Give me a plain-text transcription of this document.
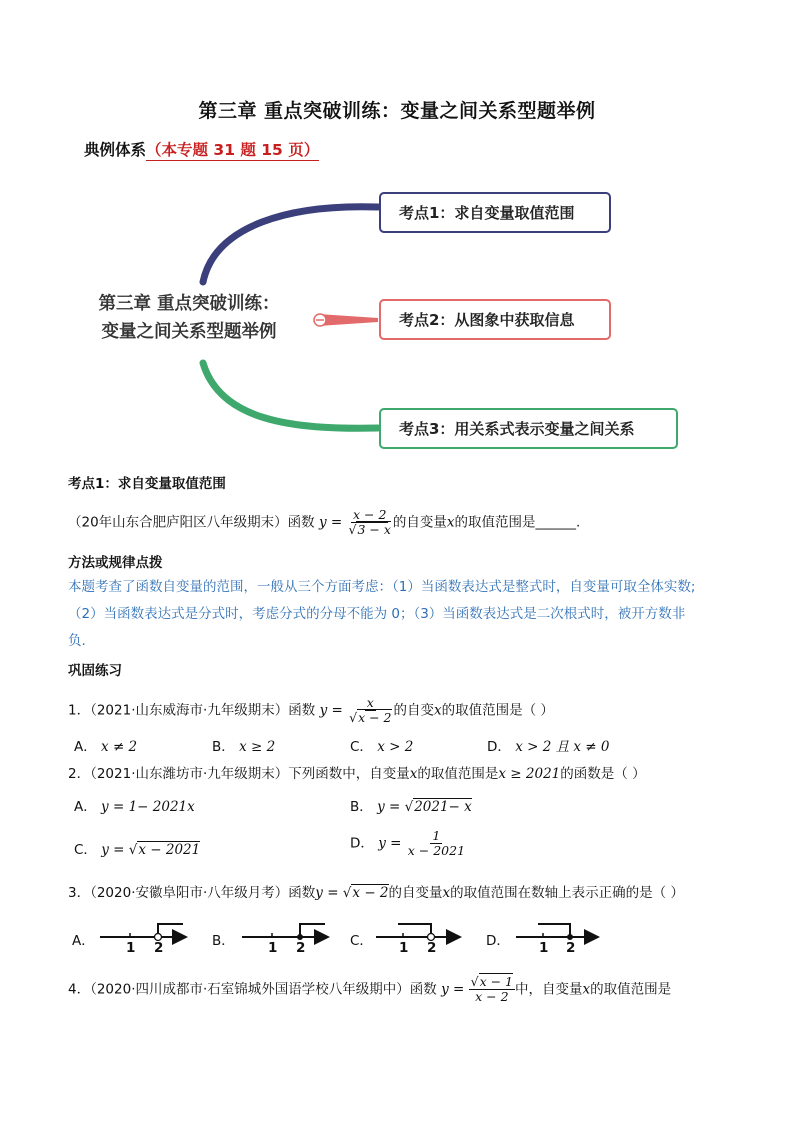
第三章 重点突破训练：变量之间关系型题举例
典例体系（本专题 31 题 15 页）
第三章 重点突破训练：
变量之间关系型题举例
考点1：求自变量取值范围
考点2：从图象中获取信息
考点3：用关系式表示变量之间关系
考点1：求自变量取值范围
（20年山东合肥庐阳区八年级期末）函数 $y = \frac{x - 2}{√3 - x}$ 的自变量x的取值范围是______.
方法或规律点拨
本题考查了函数自变量的范围，一般从三个方面考虑：（1）当函数表达式是整式时，自变量可取全体实数;
（2）当函数表达式是分式时，考虑分式的分母不能为 0；（3）当函数表达式是二次根式时，被开方数非
负.
巩固练习
1．（2021·山东威海市·九年级期末）函数 $y = \frac{x}{√x - 2}$ 的自变x的取值范围是（ ）
A． x ≠ 2	B． x ≥ 2	C． x > 2	D． x > 2 且 x ≠ 0
2．（2021·山东潍坊市·九年级期末）下列函数中，自变量x的取值范围是x ≥ 2021的函数是（ ）
A． y = 1− 2021x	B． y = √2021− x
C． y = √x − 2021	D． $y = \frac{1}{x - 2021}$
3．（2020·安徽阜阳市·八年级月考）函数y = √x − 2的自变量x的取值范围在数轴上表示正确的是（ ）
A．	B．	C．	D．
1 2	1 2	1 2	1 2
4．（2020·四川成都市·石室锦城外国语学校八年级期中）函数 $y = \frac{√x - 1}{x - 2}$ 中，自变量x的取值范围是
